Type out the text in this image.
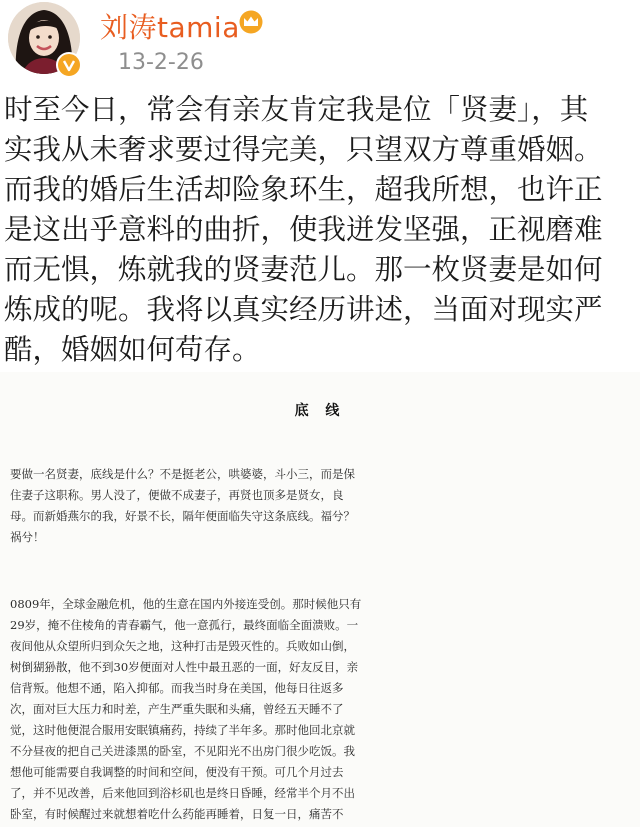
刘涛tamia
13-2-26
时至今日，常会有亲友肯定我是位「贤妻」，其
实我从未奢求要过得完美，只望双方尊重婚姻。
而我的婚后生活却险象环生，超我所想，也许正
是这出乎意料的曲折，使我迸发坚强，正视磨难
而无惧，炼就我的贤妻范儿。那一枚贤妻是如何
炼成的呢。我将以真实经历讲述，当面对现实严
酷，婚姻如何苟存。
底 线
要做一名贤妻，底线是什么？不是挺老公，哄婆婆，斗小三，而是保
住妻子这职称。男人没了，便做不成妻子，再贤也顶多是贤女，良
母。而新婚燕尔的我，好景不长，隔年便面临失守这条底线。福兮？
祸兮！
0809年，全球金融危机，他的生意在国内外接连受创。那时候他只有
29岁，掩不住棱角的青春霸气，他一意孤行，最终面临全面溃败。一
夜间他从众望所归到众矢之地，这种打击是毁灭性的。兵败如山倒，
树倒猢狲散，他不到30岁便面对人性中最丑恶的一面，好友反目，亲
信背叛。他想不通，陷入抑郁。而我当时身在美国，他每日往返多
次，面对巨大压力和时差，产生严重失眠和头痛，曾经五天睡不了
觉，这时他便混合服用安眠镇痛药，持续了半年多。那时他回北京就
不分昼夜的把自己关进漆黑的卧室，不见阳光不出房门很少吃饭。我
想他可能需要自我调整的时间和空间，便没有干预。可几个月过去
了，并不见改善，后来他回到浴杉矶也是终日昏睡，经常半个月不出
卧室，有时候醒过来就想着吃什么药能再睡着，日复一日，痛苦不
